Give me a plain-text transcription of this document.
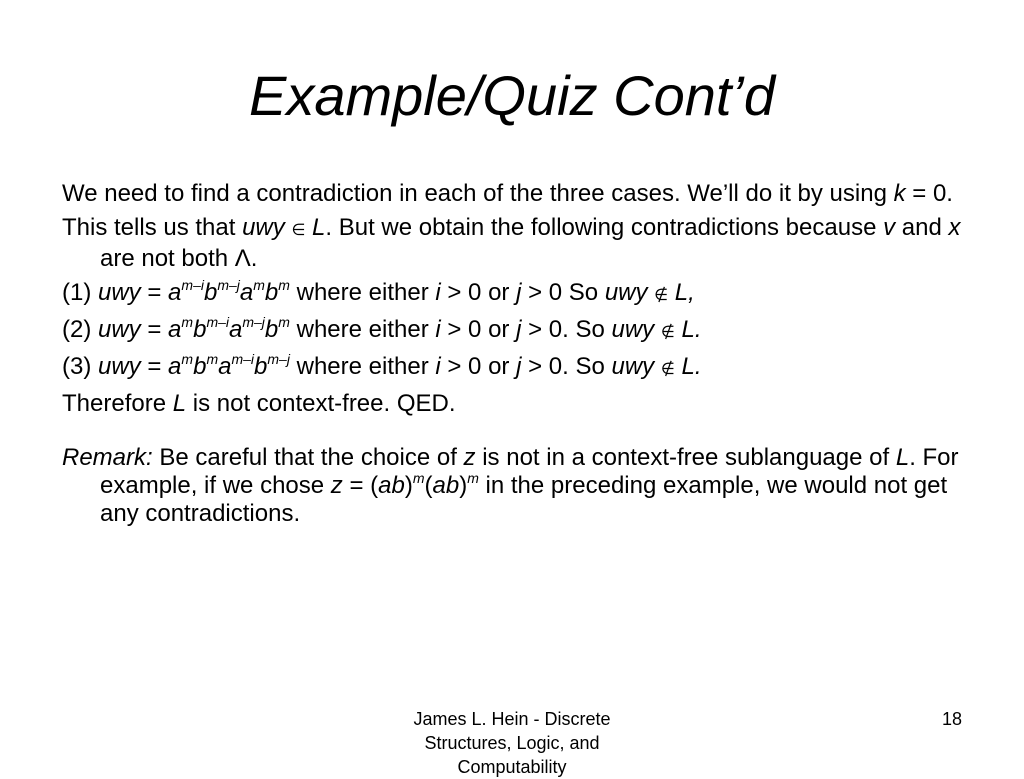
Example/Quiz Cont’d

We need to find a contradiction in each of the three cases. We’ll do it by using k = 0.

This tells us that uwy ∈ L. But we obtain the following contradictions because v and x are not both Λ.

(1) uwy = $a^{m-i}b^{m-j}a^mb^m$ where either i > 0 or j > 0 So uwy ∉ L,

(2) uwy = $a^mb^{m-i}a^{m-j}b^m$ where either i > 0 or j > 0. So uwy ∉ L.

(3) uwy = $a^mb^ma^{m-i}b^{m-j}$ where either i > 0 or j > 0. So uwy ∉ L.

Therefore L is not context-free. QED.

Remark: Be careful that the choice of z is not in a context-free sublanguage of L. For example, if we chose z = (ab)$^m$(ab)$^m$ in the preceding example, we would not get any contradictions.

James L. Hein - Discrete Structures, Logic, and Computability
18
